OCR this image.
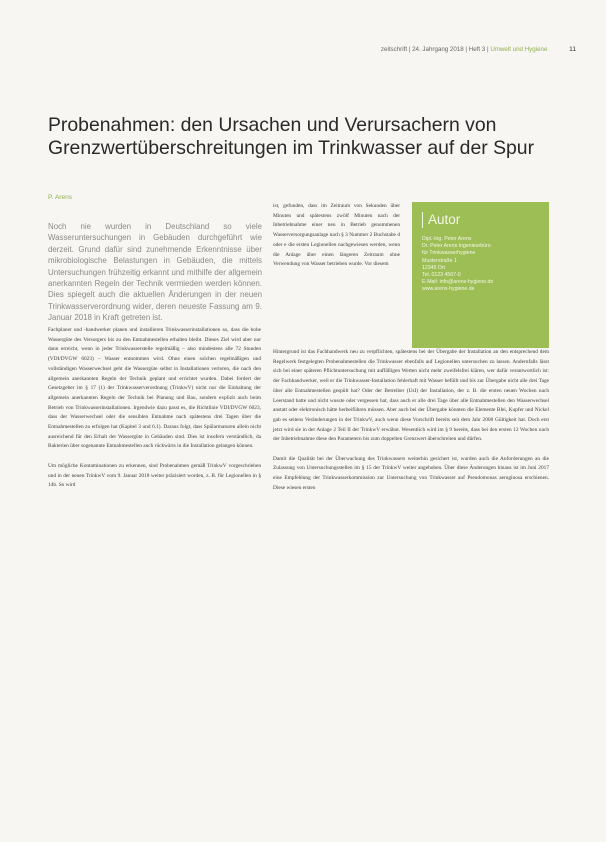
zeitschrift | 24. Jahrgang 2018 | Heft 3 | Umwelt und Hygiene	11
Probenahmen: den Ursachen und Verursachern von Grenzwertüberschreitungen im Trinkwasser auf der Spur
P. Arens

Noch nie wurden in Deutschland so viele Wasseruntersuchungen in Gebäuden durchgeführt wie derzeit. Grund dafür sind zunehmende Erkenntnisse über mikrobiologische Belastungen in Gebäuden, die mittels Untersuchungen frühzeitig erkannt und mithilfe der allgemein anerkannten Regeln der Technik vermieden werden können. Dies spiegelt auch die aktuellen Änderungen in der neuen Trinkwasserverordnung wider, deren neueste Fassung am 9. Januar 2018 in Kraft getreten ist.

Fachplaner und -handwerker planen und installieren Trinkwasserinstallationen so, dass die hohe Wassergüte des Versorgers bis zu den Entnahmestellen erhalten bleibt. Dieses Ziel wird aber nur dann erreicht, wenn in jeder Trinkwasserstelle regelmäßig – also mindestens alle 72 Stunden (VDI/DVGW 6023) – Wasser entnommen wird. Ohne einen solchen regelmäßigen und vollständigen Wasserwechsel geht die Wassergüte selbst in Installationen verloren, die nach den allgemein anerkannten Regeln der Technik geplant und errichtet wurden. Dabei fordert der Gesetzgeber im § 17 (1) der Trinkwasserverordnung (TrinkwV) nicht nur die Einhaltung der allgemein anerkannten Regeln der Technik bei Planung und Bau, sondern explizit auch beim Betrieb von Trinkwasserinstallationen. Irgendwie dazu passt es, die Richtlinie VDI/DVGW 6023, dass der Wasserwechsel oder die sensiblen Entnahme nach spätestens drei Tagen über die Entnahmestellen zu erfolgen hat (Kapitel 3 und 6.1). Daraus folgt, dass Spülarmaturen allein nicht ausreichend für den Erhalt der Wassergüte in Gebäuden sind. Dies ist insofern verständlich, da Bakterien über sogenannte Entnahmestellen auch rückwärts in die Installation gelangen können.

Um mögliche Kontaminationen zu erkennen, sind Probenahmen gemäß TrinkwV vorgeschrieben und in der neuen TrinkwV vom 9. Januar 2018 weiter präzisiert worden, z. B. für Legionellen in § 14b. So wird

ist, gefunden, dass im Zeitraum von Sekunden über Minuten und spätestens zwölf Minuten nach der Inbetriebnahme einer neu in Betrieb genommenen Wasserversorgungsanlage nach § 3 Nummer 2 Buchstabe d oder e die ersten Legionellen nachgewiesen werden, wenn die Anlage über einen längeren Zeitraum ohne Verwendung von Wasser betrieben wurde. Vor diesem

Autor
Dipl.-Ing. Peter Arens
Dr. Peter Arens Ingenieurbüro
für Trinkwasserhygiene
Musterstraße 1
12345 Ort
Tel. 0123 4567-0
E-Mail: info@arens-hygiene.de
www.arens-hygiene.de

Hintergrund ist das Fachhandwerk neu zu verpflichten, spätestens bei der Übergabe der Installation an den entsprechend dem Regelwerk festgelegten Probenahmestellen die Trinkwasser ebenfalls auf Legionellen untersuchen zu lassen. Andernfalls lässt sich bei einer späteren Pflichtuntersuchung mit auffälligen Werten nicht mehr zweifelsfrei klären, wer dafür verantwortlich ist: der Fachhandwerker, weil er die Trinkwasser-Installation fehlerhaft mit Wasser befüllt und bis zur Übergabe nicht alle drei Tage über alle Entnahmestellen gespült hat? Oder der Betreiber (UsI) der Installation, der z. B. die ersten neuen Wochen nach Leerstand hatte und nicht wusste oder vergessen hat, dass auch er alle drei Tage über alle Entnahmestellen den Wasserwechsel anstatt oder elektronisch hätte herbeiführen müssen. Aber auch bei der Übergabe könnten die Elemente Blei, Kupfer und Nickel gab es seitens Veränderungen in der TrinkwV, auch wenn diese Vorschrift bereits seit dem Jahr 2008 Gültigkeit hat. Doch erst jetzt wird sie in der Anlage 2 Teil II der TrinkwV erwähnt. Wesentlich wird im § 9 bereits, dass bei den ersten 12 Wochen nach der Inbetriebnahme diese den Parametern bis zum doppelten Grenzwert überschreiten und dürfen.

Damit die Qualität bei der Überwachung des Trinkwassers weiterhin gesichert ist, wurden auch die Anforderungen an die Zulassung von Untersuchungsstellen im § 15 der TrinkwV weiter angehoben. Über diese Änderungen hinaus ist im Juni 2017 eine Empfehlung der Trinkwasserkommission zur Untersuchung von Trinkwasser auf Pseudomonas aeruginosa erschienen. Diese wiesen ersten
